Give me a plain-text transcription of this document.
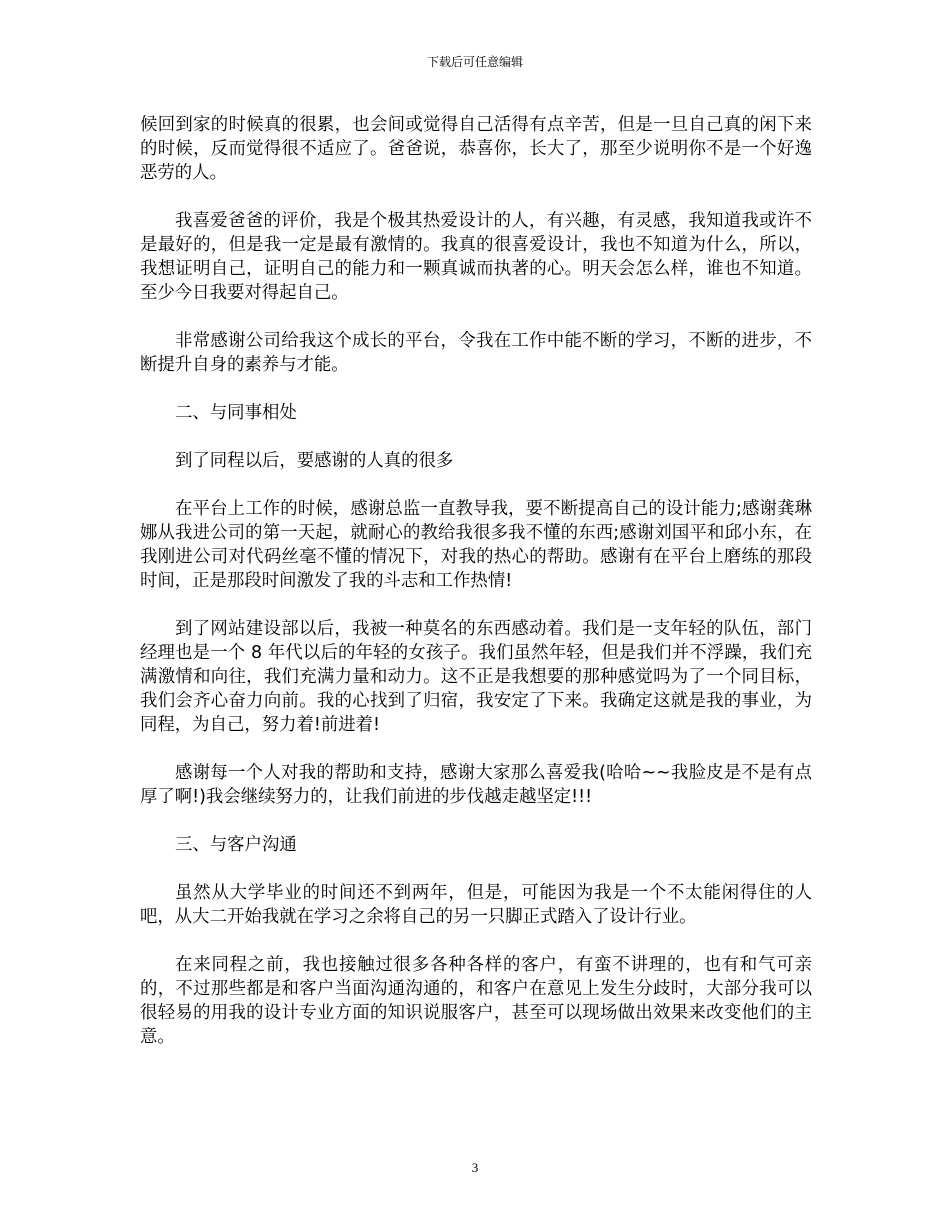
下载后可任意编辑

候回到家的时候真的很累，也会间或觉得自己活得有点辛苦，但是一旦自己真的闲下来的时候，反而觉得很不适应了。爸爸说，恭喜你，长大了，那至少说明你不是一个好逸恶劳的人。

我喜爱爸爸的评价，我是个极其热爱设计的人，有兴趣，有灵感，我知道我或许不是最好的，但是我一定是最有激情的。我真的很喜爱设计，我也不知道为什么，所以，我想证明自己，证明自己的能力和一颗真诚而执著的心。明天会怎么样，谁也不知道。至少今日我要对得起自己。

非常感谢公司给我这个成长的平台，令我在工作中能不断的学习，不断的进步，不断提升自身的素养与才能。

二、与同事相处

到了同程以后，要感谢的人真的很多

在平台上工作的时候，感谢总监一直教导我，要不断提高自己的设计能力;感谢龚琳娜从我进公司的第一天起，就耐心的教给我很多我不懂的东西;感谢刘国平和邱小东，在我刚进公司对代码丝毫不懂的情况下，对我的热心的帮助。感谢有在平台上磨练的那段时间，正是那段时间激发了我的斗志和工作热情!

到了网站建设部以后，我被一种莫名的东西感动着。我们是一支年轻的队伍，部门经理也是一个 8 年代以后的年轻的女孩子。我们虽然年轻，但是我们并不浮躁，我们充满激情和向往，我们充满力量和动力。这不正是我想要的那种感觉吗为了一个同目标，我们会齐心奋力向前。我的心找到了归宿，我安定了下来。我确定这就是我的事业，为同程，为自己，努力着!前进着!

感谢每一个人对我的帮助和支持，感谢大家那么喜爱我(哈哈~~我脸皮是不是有点厚了啊!)我会继续努力的，让我们前进的步伐越走越坚定!!!

三、与客户沟通

虽然从大学毕业的时间还不到两年，但是，可能因为我是一个不太能闲得住的人吧，从大二开始我就在学习之余将自己的另一只脚正式踏入了设计行业。

在来同程之前，我也接触过很多各种各样的客户，有蛮不讲理的，也有和气可亲的，不过那些都是和客户当面沟通沟通的，和客户在意见上发生分歧时，大部分我可以很轻易的用我的设计专业方面的知识说服客户，甚至可以现场做出效果来改变他们的主意。

3
